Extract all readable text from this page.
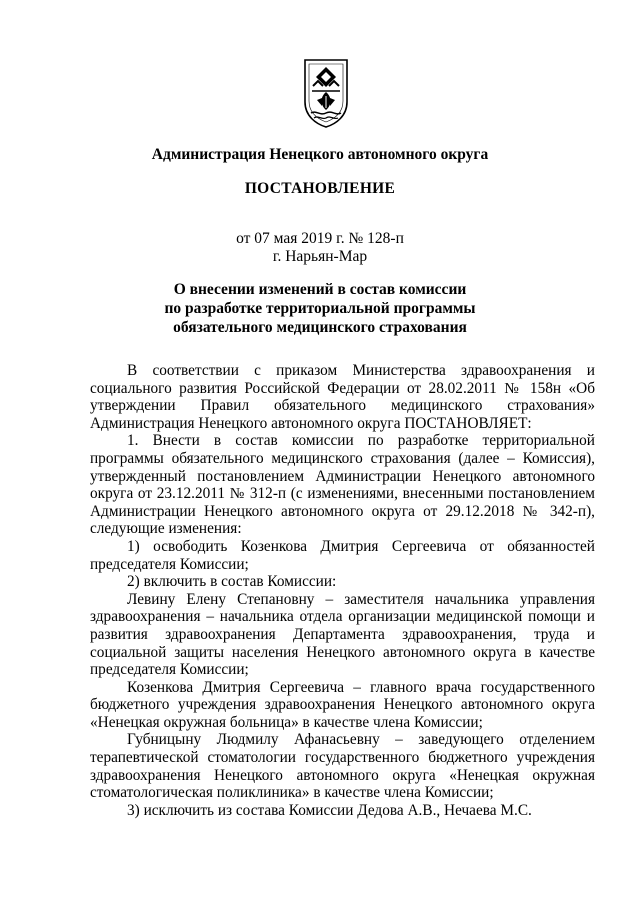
Администрация Ненецкого автономного округа

ПОСТАНОВЛЕНИЕ

от 07 мая 2019 г. № 128-п

г. Нарьян-Мар

О внесении изменений в состав комиссии
по разработке территориальной программы
обязательного медицинского страхования

В соответствии с приказом Министерства здравоохранения и социального развития Российской Федерации от 28.02.2011 № 158н «Об утверждении Правил обязательного медицинского страхования» Администрация Ненецкого автономного округа ПОСТАНОВЛЯЕТ:

1. Внести в состав комиссии по разработке территориальной программы обязательного медицинского страхования (далее – Комиссия), утвержденный постановлением Администрации Ненецкого автономного округа от 23.12.2011 № 312-п (с изменениями, внесенными постановлением Администрации Ненецкого автономного округа от 29.12.2018 № 342-п), следующие изменения:

1) освободить Козенкова Дмитрия Сергеевича от обязанностей председателя Комиссии;

2) включить в состав Комиссии:

Левину Елену Степановну – заместителя начальника управления здравоохранения – начальника отдела организации медицинской помощи и развития здравоохранения Департамента здравоохранения, труда и социальной защиты населения Ненецкого автономного округа в качестве председателя Комиссии;

Козенкова Дмитрия Сергеевича – главного врача государственного бюджетного учреждения здравоохранения Ненецкого автономного округа «Ненецкая окружная больница» в качестве члена Комиссии;

Губницыну Людмилу Афанасьевну – заведующего отделением терапевтической стоматологии государственного бюджетного учреждения здравоохранения Ненецкого автономного округа «Ненецкая окружная стоматологическая поликлиника» в качестве члена Комиссии;

3) исключить из состава Комиссии Дедова А.В., Нечаева М.С.
